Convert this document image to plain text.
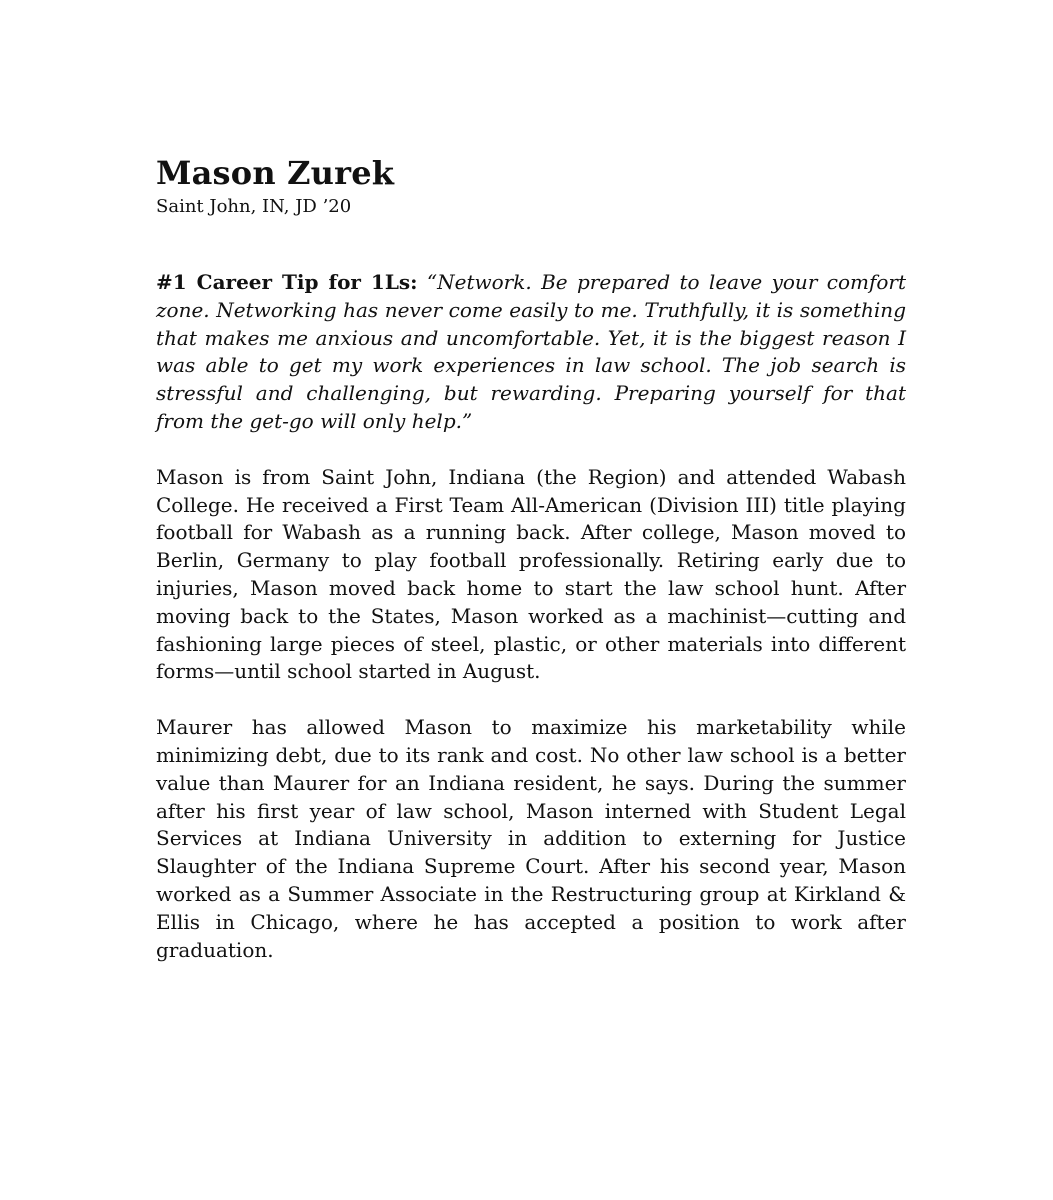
Mason Zurek

Saint John, IN, JD ’20

#1 Career Tip for 1Ls: “Network. Be prepared to leave your comfort zone. Networking has never come easily to me. Truthfully, it is something that makes me anxious and uncomfortable. Yet, it is the biggest reason I was able to get my work experiences in law school. The job search is stressful and challenging, but rewarding. Preparing yourself for that from the get-go will only help.”

Mason is from Saint John, Indiana (the Region) and attended Wabash College. He received a First Team All-American (Division III) title playing football for Wabash as a running back. After college, Mason moved to Berlin, Germany to play football professionally. Retiring early due to injuries, Mason moved back home to start the law school hunt. After moving back to the States, Mason worked as a machinist—cutting and fashioning large pieces of steel, plastic, or other materials into different forms—until school started in August.

Maurer has allowed Mason to maximize his marketability while minimizing debt, due to its rank and cost. No other law school is a better value than Maurer for an Indiana resident, he says. During the summer after his first year of law school, Mason interned with Student Legal Services at Indiana University in addition to externing for Justice Slaughter of the Indiana Supreme Court. After his second year, Mason worked as a Summer Associate in the Restructuring group at Kirkland & Ellis in Chicago, where he has accepted a position to work after graduation.
